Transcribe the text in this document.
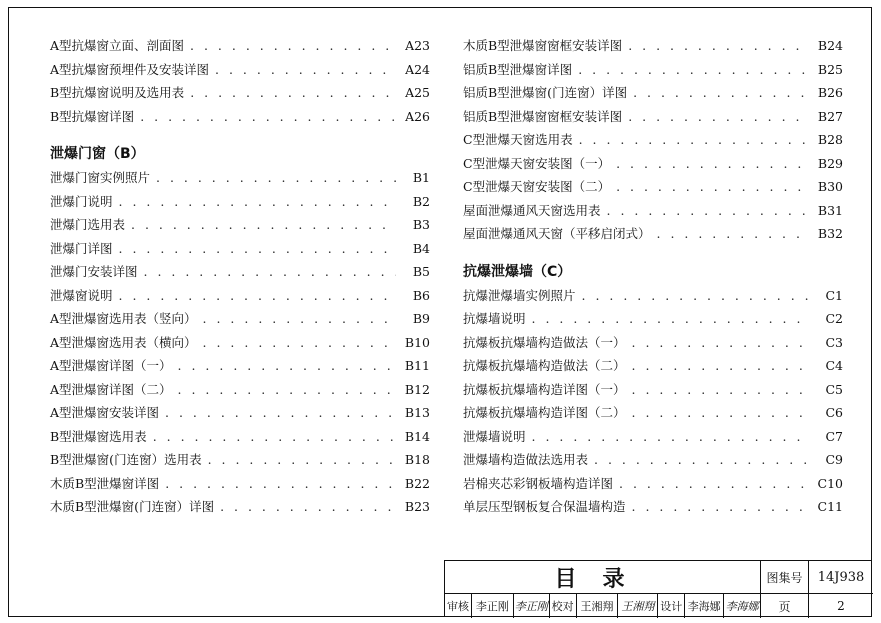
A型抗爆窗立面、剖面图 . . .	A23
A型抗爆窗预埋件及安装详图 . . .	A24
B型抗爆窗说明及选用表 . . .	A25
B型抗爆窗详图 . . .	A26
泄爆门窗（B）
泄爆门窗实例照片 . . .	B1
泄爆门说明 . . .	B2
泄爆门选用表 . . .	B3
泄爆门详图 . . .	B4
泄爆门安装详图 . . .	B5
泄爆窗说明 . . .	B6
A型泄爆窗选用表（竖向） . . .	B9
A型泄爆窗选用表（横向） . . .	B10
A型泄爆窗详图（一） . . .	B11
A型泄爆窗详图（二） . . .	B12
A型泄爆窗安装详图 . . .	B13
B型泄爆窗选用表 . . .	B14
B型泄爆窗(门连窗）选用表 . . .	B18
木质B型泄爆窗详图 . . .	B22
木质B型泄爆窗(门连窗）详图 . . .	B23
木质B型泄爆窗窗框安装详图 . . .	B24
铝质B型泄爆窗详图 . . .	B25
铝质B型泄爆窗(门连窗）详图 . . .	B26
铝质B型泄爆窗窗框安装详图 . . .	B27
C型泄爆天窗选用表 . . .	B28
C型泄爆天窗安装图（一） . . .	B29
C型泄爆天窗安装图（二） . . .	B30
屋面泄爆通风天窗选用表 . . .	B31
屋面泄爆通风天窗（平移启闭式） . . .	B32
抗爆泄爆墙（C）
抗爆泄爆墙实例照片 . . .	C1
抗爆墙说明 . . .	C2
抗爆板抗爆墙构造做法（一） . . .	C3
抗爆板抗爆墙构造做法（二） . . .	C4
抗爆板抗爆墙构造详图（一） . . .	C5
抗爆板抗爆墙构造详图（二） . . .	C6
泄爆墙说明 . . .	C7
泄爆墙构造做法选用表 . . .	C9
岩棉夹芯彩钢板墙构造详图 . . .	C10
单层压型钢板复合保温墙构造 . . .	C11
目录	图集号	14J938
审核 李正刚 李正刚 校对 王湘翔 王湘翔 设计 李海娜 李海娜	页	2
